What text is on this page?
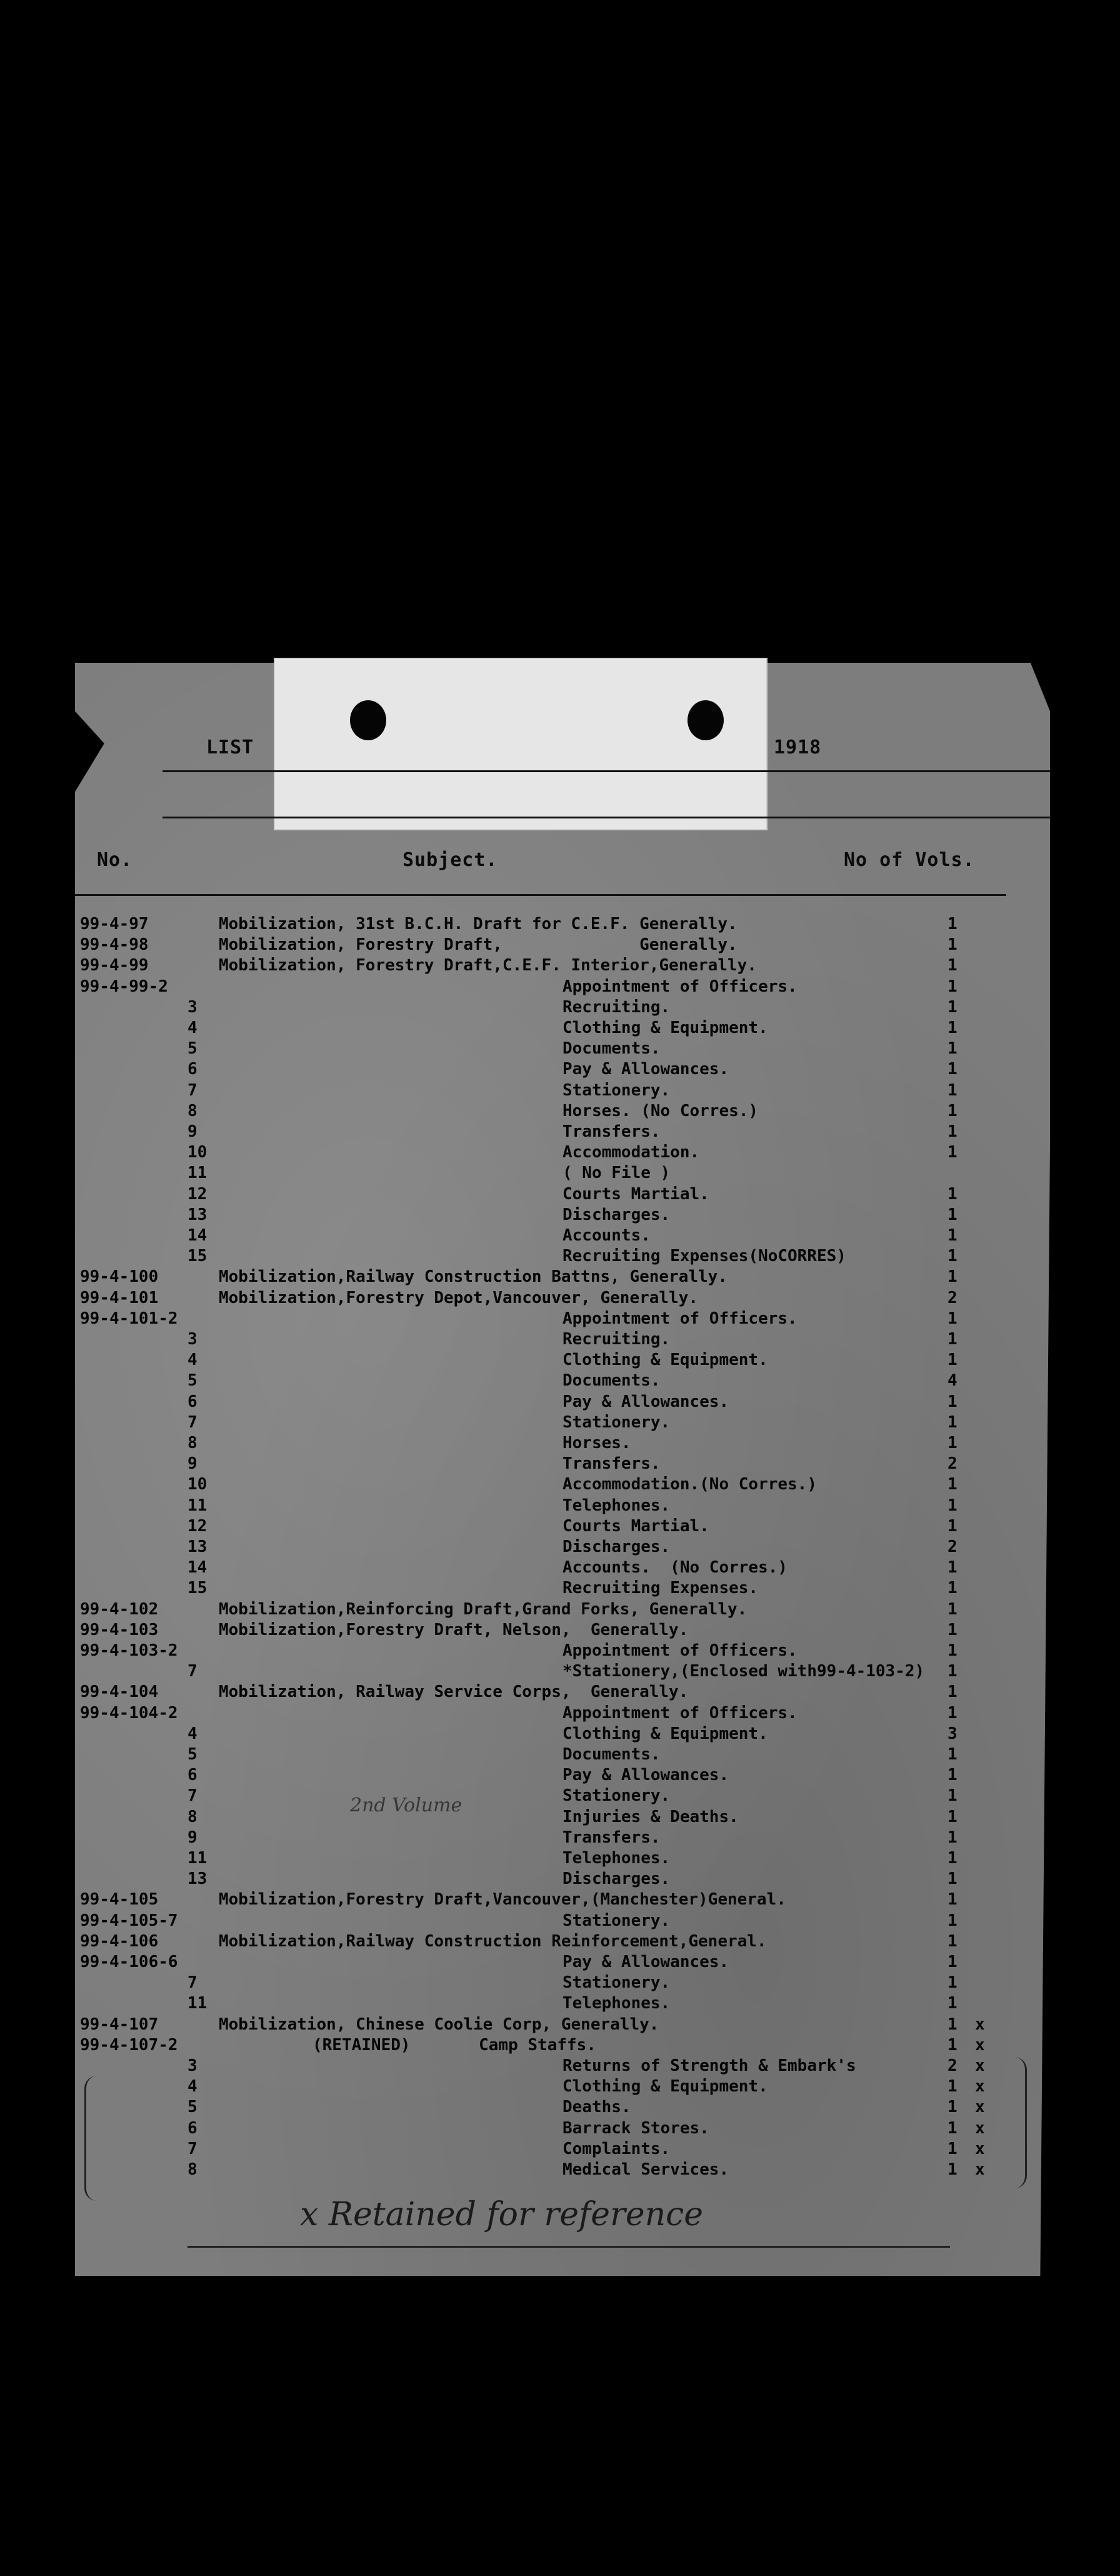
LIST	1918
No.	Subject.	No of Vols.
99-4-97	Mobilization, 31st B.C.H. Draft for C.E.F. Generally.	1
99-4-98	Mobilization, Forestry Draft,              Generally.	1
99-4-99	Mobilization, Forestry Draft,C.E.F. Interior,Generally.	1
99-4-99-2	Appointment of Officers.	1
3	Recruiting.	1
4	Clothing & Equipment.	1
5	Documents.	1
6	Pay & Allowances.	1
7	Stationery.	1
8	Horses. (No Corres.)	1
9	Transfers.	1
10	Accommodation.	1
11	( No File )
12	Courts Martial.	1
13	Discharges.	1
14	Accounts.	1
15	Recruiting Expenses(NoCORRES)	1
99-4-100	Mobilization,Railway Construction Battns, Generally.	1
99-4-101	Mobilization,Forestry Depot,Vancouver, Generally.	2
99-4-101-2	Appointment of Officers.	1
3	Recruiting.	1
4	Clothing & Equipment.	1
5	Documents.	4
6	Pay & Allowances.	1
7	Stationery.	1
8	Horses.	1
9	Transfers.	2
10	Accommodation.(No Corres.)	1
11	Telephones.	1
12	Courts Martial.	1
13	Discharges.	2
14	Accounts.  (No Corres.)	1
15	Recruiting Expenses.	1
99-4-102	Mobilization,Reinforcing Draft,Grand Forks, Generally.	1
99-4-103	Mobilization,Forestry Draft, Nelson,  Generally.	1
99-4-103-2	Appointment of Officers.	1
7	*Stationery,(Enclosed with99-4-103-2) 1
99-4-104	Mobilization, Railway Service Corps,  Generally.	1
99-4-104-2	Appointment of Officers.	1
4	Clothing & Equipment.	3
5	Documents.	1
6	Pay & Allowances.	1
7	Stationery.	1
8	Injuries & Deaths.	1
9	Transfers.	1
11	Telephones.	1
13	Discharges.	1
99-4-105	Mobilization,Forestry Draft,Vancouver,(Manchester)General.	1
99-4-105-7	Stationery.	1
99-4-106	Mobilization,Railway Construction Reinforcement,General.	1
99-4-106-6	Pay & Allowances.	1
7	Stationery.	1
11	Telephones.	1
99-4-107	Mobilization, Chinese Coolie Corp, Generally.	1 x
99-4-107-2	(RETAINED)       Camp Staffs.	1 x
3	Returns of Strength & Embark's	2 x
4	Clothing & Equipment.	1 x
5	Deaths.	1 x
6	Barrack Stores.	1 x
7	Complaints.	1 x
8	Medical Services.	1 x
2nd Volume
x Retained for reference
